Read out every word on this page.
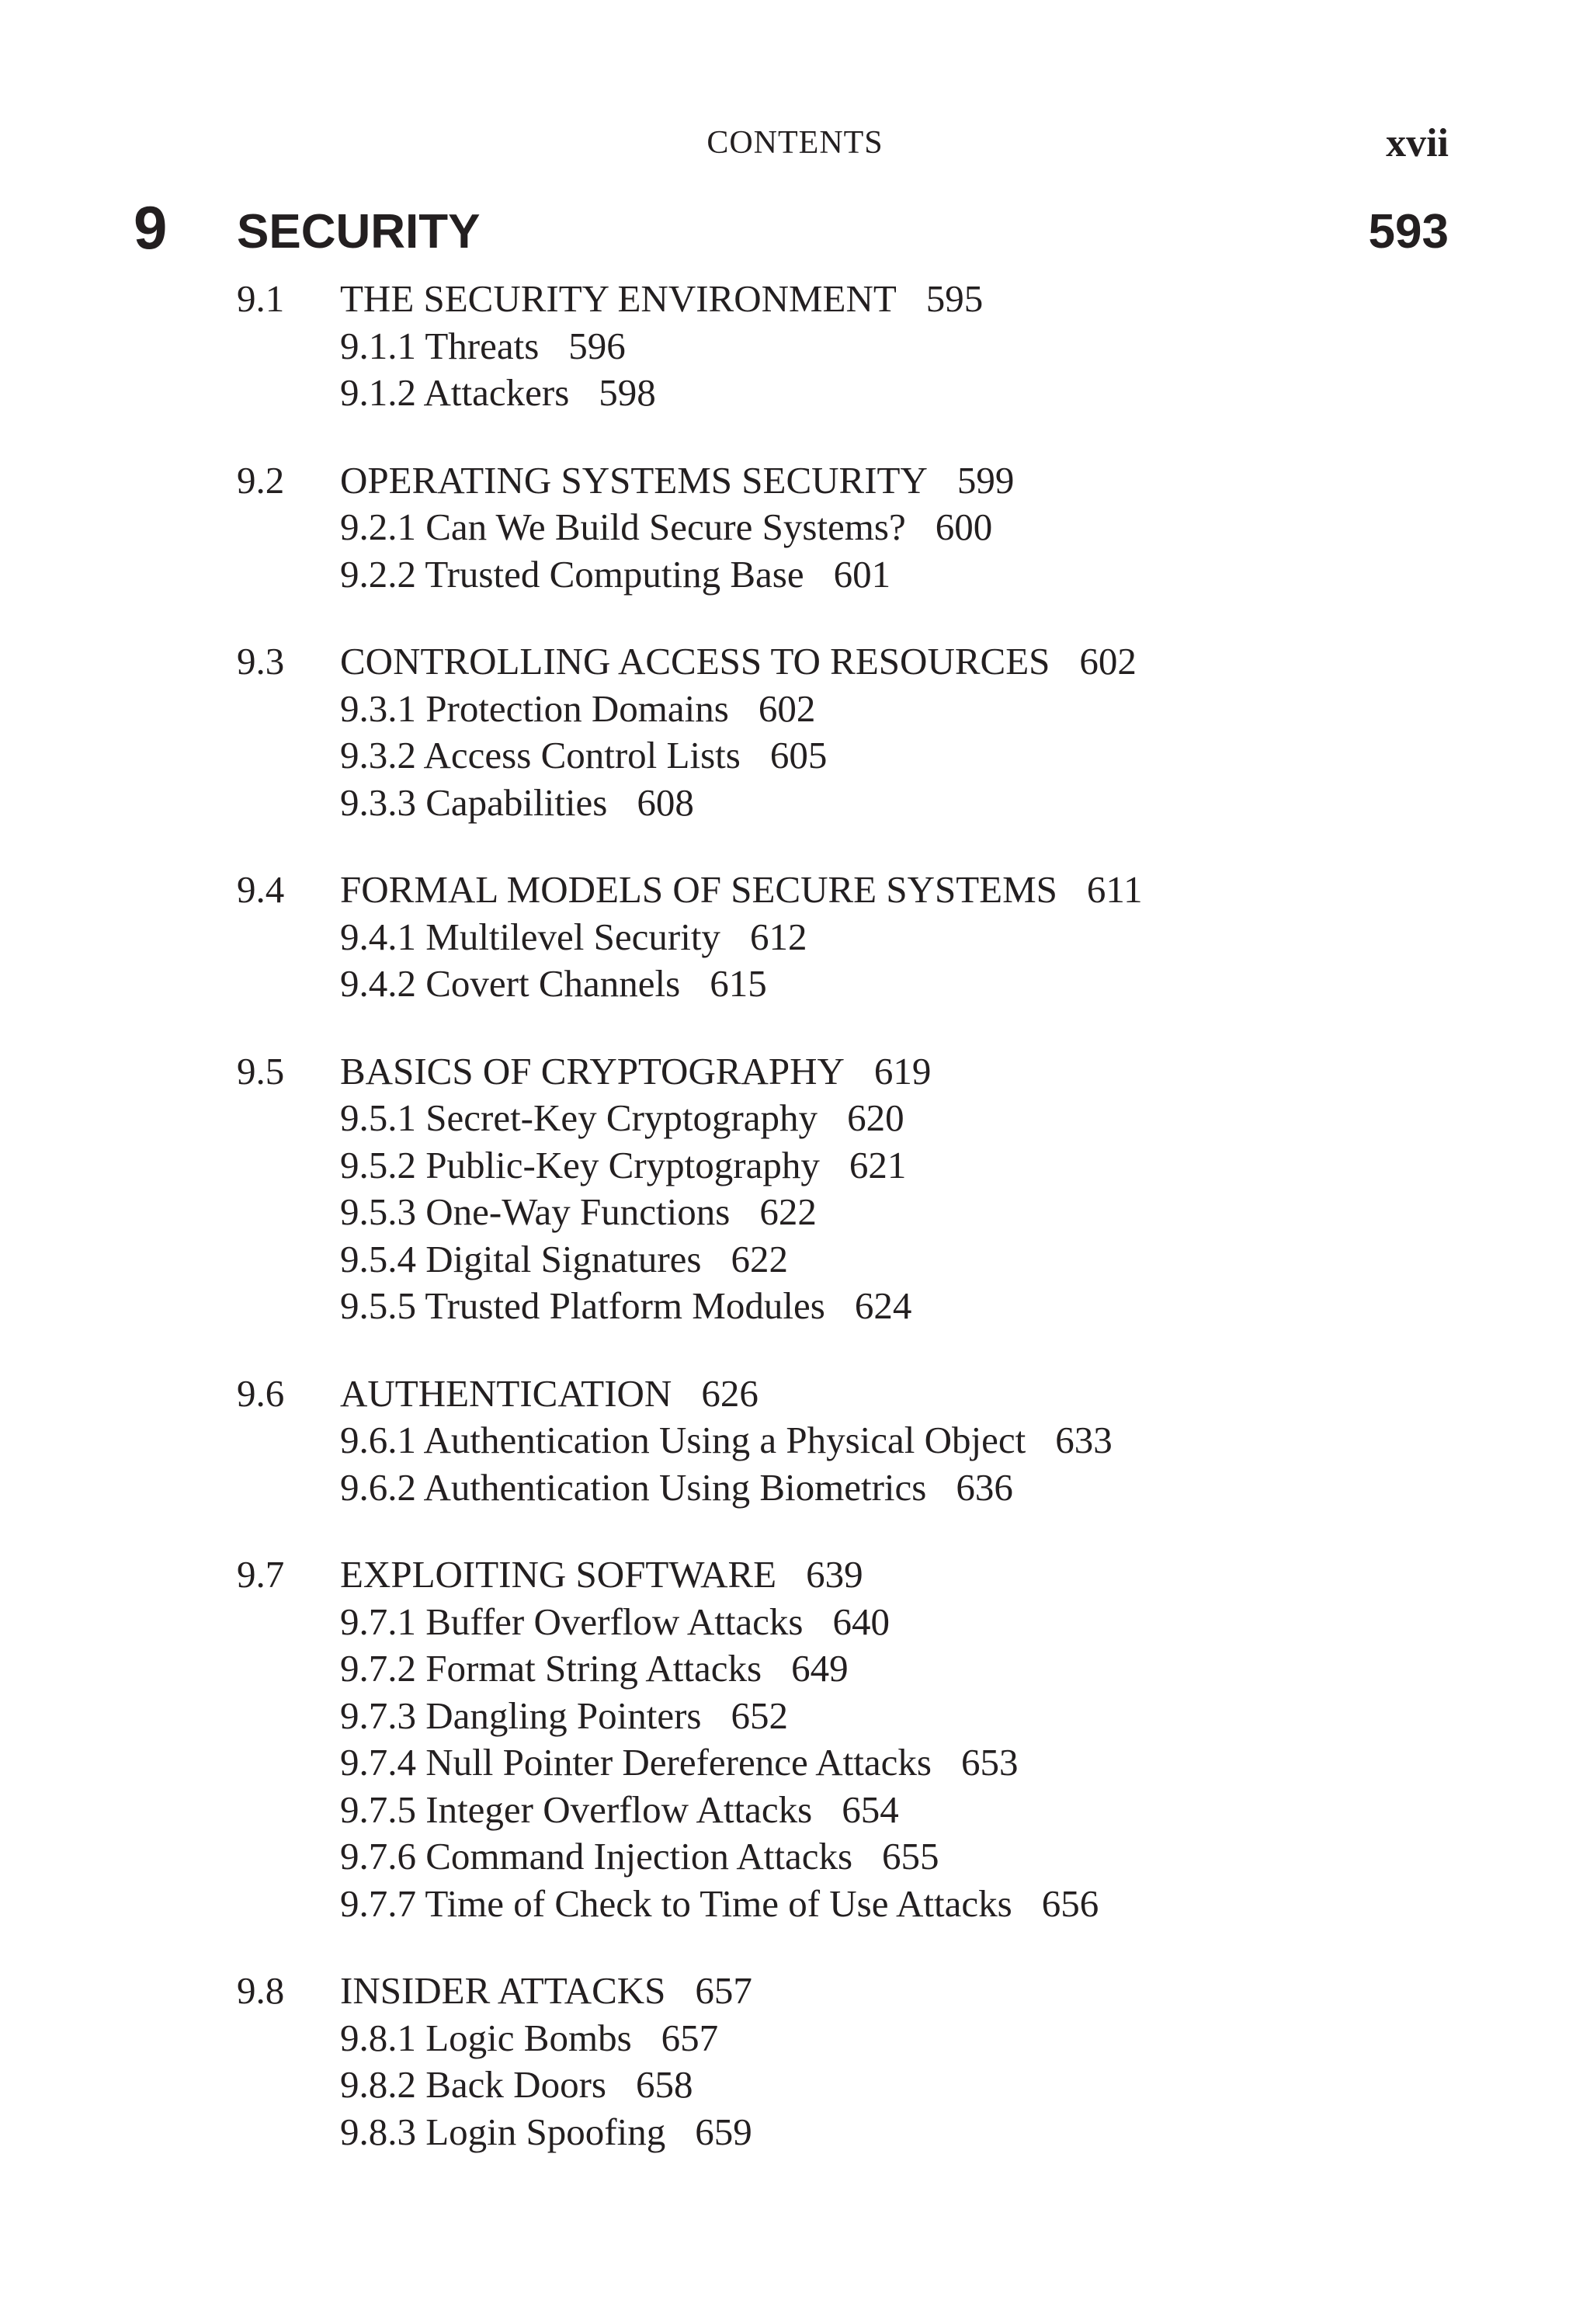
CONTENTS	xvii
9 SECURITY	593
9.1 THE SECURITY ENVIRONMENT 595
9.1.1 Threats 596
9.1.2 Attackers 598
9.2 OPERATING SYSTEMS SECURITY 599
9.2.1 Can We Build Secure Systems? 600
9.2.2 Trusted Computing Base 601
9.3 CONTROLLING ACCESS TO RESOURCES 602
9.3.1 Protection Domains 602
9.3.2 Access Control Lists 605
9.3.3 Capabilities 608
9.4 FORMAL MODELS OF SECURE SYSTEMS 611
9.4.1 Multilevel Security 612
9.4.2 Covert Channels 615
9.5 BASICS OF CRYPTOGRAPHY 619
9.5.1 Secret-Key Cryptography 620
9.5.2 Public-Key Cryptography 621
9.5.3 One-Way Functions 622
9.5.4 Digital Signatures 622
9.5.5 Trusted Platform Modules 624
9.6 AUTHENTICATION 626
9.6.1 Authentication Using a Physical Object 633
9.6.2 Authentication Using Biometrics 636
9.7 EXPLOITING SOFTWARE 639
9.7.1 Buffer Overflow Attacks 640
9.7.2 Format String Attacks 649
9.7.3 Dangling Pointers 652
9.7.4 Null Pointer Dereference Attacks 653
9.7.5 Integer Overflow Attacks 654
9.7.6 Command Injection Attacks 655
9.7.7 Time of Check to Time of Use Attacks 656
9.8 INSIDER ATTACKS 657
9.8.1 Logic Bombs 657
9.8.2 Back Doors 658
9.8.3 Login Spoofing 659
